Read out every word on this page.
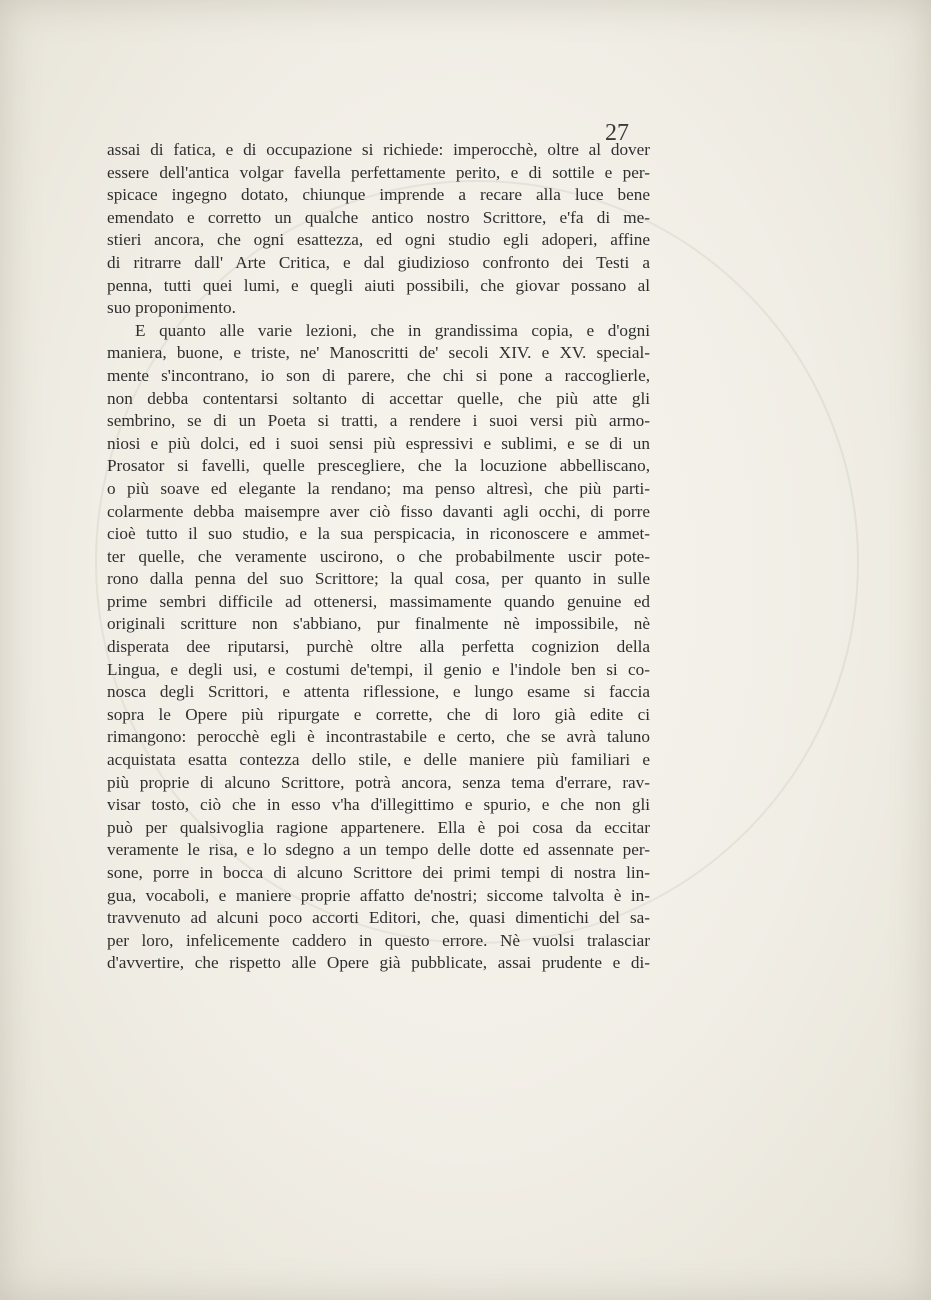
27

assai di fatica, e di occupazione si richiede: imperocchè, oltre al dover

essere dell'antica volgar favella perfettamente perito, e di sottile e per-

spicace ingegno dotato, chiunque imprende a recare alla luce bene

emendato e corretto un qualche antico nostro Scrittore, e'fa di me-

stieri ancora, che ogni esattezza, ed ogni studio egli adoperi, affine

di ritrarre dall' Arte Critica, e dal giudizioso confronto dei Testi a

penna, tutti quei lumi, e quegli aiuti possibili, che giovar possano al

suo proponimento.

E quanto alle varie lezioni, che in grandissima copia, e d'ogni

maniera, buone, e triste, ne' Manoscritti de' secoli XIV. e XV. special-

mente s'incontrano, io son di parere, che chi si pone a raccoglierle,

non debba contentarsi soltanto di accettar quelle, che più atte gli

sembrino, se di un Poeta si tratti, a rendere i suoi versi più armo-

niosi e più dolci, ed i suoi sensi più espressivi e sublimi, e se di un

Prosator si favelli, quelle prescegliere, che la locuzione abbelliscano,

o più soave ed elegante la rendano; ma penso altresì, che più parti-

colarmente debba maisempre aver ciò fisso davanti agli occhi, di porre

cioè tutto il suo studio, e la sua perspicacia, in riconoscere e ammet-

ter quelle, che veramente uscirono, o che probabilmente uscir pote-

rono dalla penna del suo Scrittore; la qual cosa, per quanto in sulle

prime sembri difficile ad ottenersi, massimamente quando genuine ed

originali scritture non s'abbiano, pur finalmente nè impossibile, nè

disperata dee riputarsi, purchè oltre alla perfetta cognizion della

Lingua, e degli usi, e costumi de'tempi, il genio e l'indole ben si co-

nosca degli Scrittori, e attenta riflessione, e lungo esame si faccia

sopra le Opere più ripurgate e corrette, che di loro già edite ci

rimangono: perocchè egli è incontrastabile e certo, che se avrà taluno

acquistata esatta contezza dello stile, e delle maniere più familiari e

più proprie di alcuno Scrittore, potrà ancora, senza tema d'errare, rav-

visar tosto, ciò che in esso v'ha d'illegittimo e spurio, e che non gli

può per qualsivoglia ragione appartenere. Ella è poi cosa da eccitar

veramente le risa, e lo sdegno a un tempo delle dotte ed assennate per-

sone, porre in bocca di alcuno Scrittore dei primi tempi di nostra lin-

gua, vocaboli, e maniere proprie affatto de'nostri; siccome talvolta è in-

travvenuto ad alcuni poco accorti Editori, che, quasi dimentichi del sa-

per loro, infelicemente caddero in questo errore. Nè vuolsi tralasciar

d'avvertire, che rispetto alle Opere già pubblicate, assai prudente e di-
